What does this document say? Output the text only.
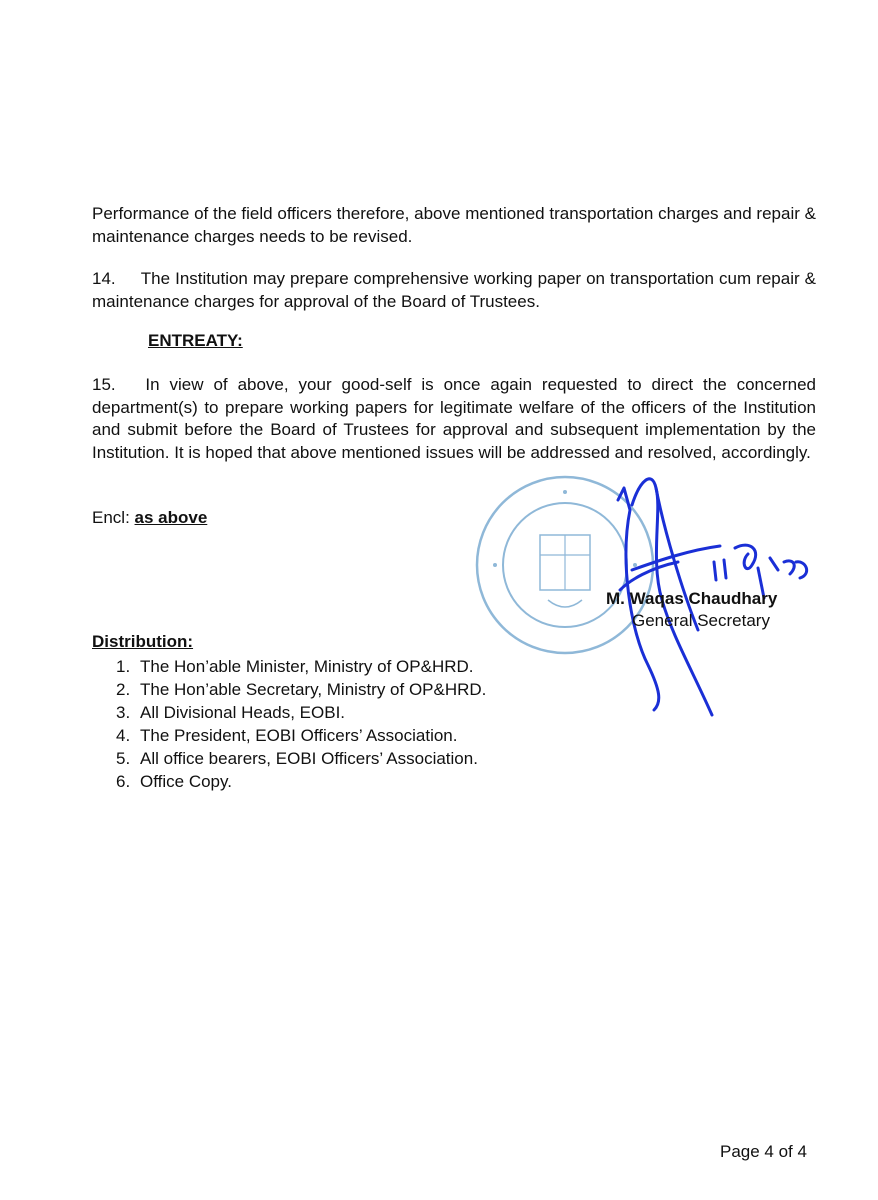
Performance of the field officers therefore, above mentioned transportation charges and repair & maintenance charges needs to be revised.

14. The Institution may prepare comprehensive working paper on transportation cum repair & maintenance charges for approval of the Board of Trustees.

ENTREATY:

15. In view of above, your good-self is once again requested to direct the concerned department(s) to prepare working papers for legitimate welfare of the officers of the Institution and submit before the Board of Trustees for approval and subsequent implementation by the Institution. It is hoped that above mentioned issues will be addressed and resolved, accordingly.

Encl: as above

M. Waqas Chaudhary
General Secretary

Distribution:

1. The Hon’able Minister, Ministry of OP&HRD.
2. The Hon’able Secretary, Ministry of OP&HRD.
3. All Divisional Heads, EOBI.
4. The President, EOBI Officers’ Association.
5. All office bearers, EOBI Officers’ Association.
6. Office Copy.

Page 4 of 4
